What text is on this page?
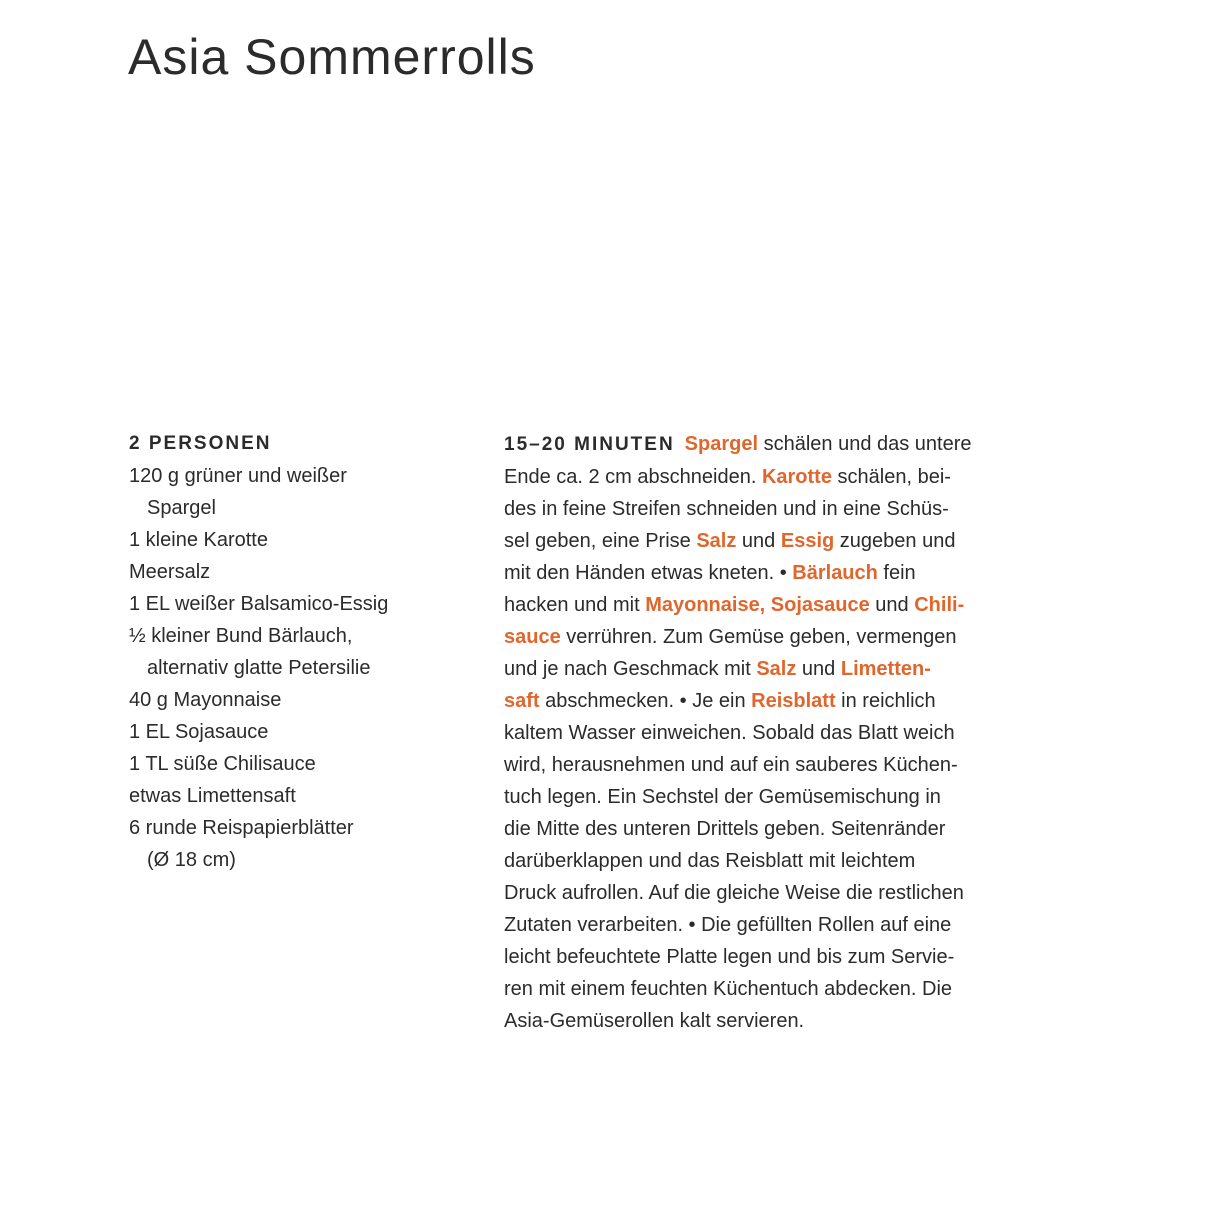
Asia Sommerrolls
2 PERSONEN
120 g grüner und weißer
Spargel
1 kleine Karotte
Meersalz
1 EL weißer Balsamico-Essig
½ kleiner Bund Bärlauch,
alternativ glatte Petersilie
40 g Mayonnaise
1 EL Sojasauce
1 TL süße Chilisauce
etwas Limettensaft
6 runde Reispapierblätter
(Ø 18 cm)
15–20 MINUTEN Spargel schälen und das untere
Ende ca. 2 cm abschneiden. Karotte schälen, bei-
des in feine Streifen schneiden und in eine Schüs-
sel geben, eine Prise Salz und Essig zugeben und
mit den Händen etwas kneten. • Bärlauch fein
hacken und mit Mayonnaise, Sojasauce und Chili-
sauce verrühren. Zum Gemüse geben, vermengen
und je nach Geschmack mit Salz und Limetten-
saft abschmecken. • Je ein Reisblatt in reichlich
kaltem Wasser einweichen. Sobald das Blatt weich
wird, herausnehmen und auf ein sauberes Küchen-
tuch legen. Ein Sechstel der Gemüsemischung in
die Mitte des unteren Drittels geben. Seitenränder
darüberklappen und das Reisblatt mit leichtem
Druck aufrollen. Auf die gleiche Weise die restlichen
Zutaten verarbeiten. • Die gefüllten Rollen auf eine
leicht befeuchtete Platte legen und bis zum Servie-
ren mit einem feuchten Küchentuch abdecken. Die
Asia-Gemüserollen kalt servieren.
